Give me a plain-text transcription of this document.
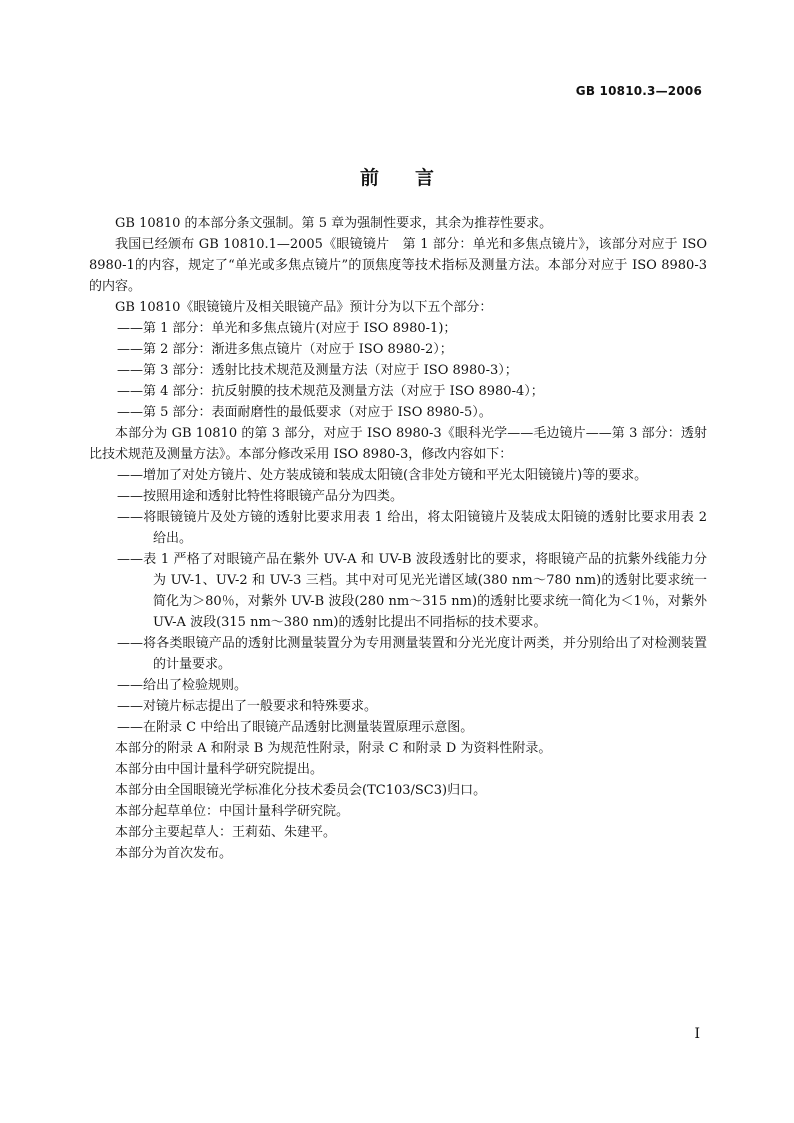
GB 10810.3—2006
前言

GB 10810 的本部分条文强制。第 5 章为强制性要求，其余为推荐性要求。

我国已经颁布 GB 10810.1—2005《眼镜镜片　第 1 部分：单光和多焦点镜片》，该部分对应于 ISO 8980-1的内容，规定了“单光或多焦点镜片”的顶焦度等技术指标及测量方法。本部分对应于 ISO 8980-3的内容。

GB 10810《眼镜镜片及相关眼镜产品》预计分为以下五个部分：

——第 1 部分：单光和多焦点镜片(对应于 ISO 8980-1)；

——第 2 部分：渐进多焦点镜片（对应于 ISO 8980-2）；

——第 3 部分：透射比技术规范及测量方法（对应于 ISO 8980-3）；

——第 4 部分：抗反射膜的技术规范及测量方法（对应于 ISO 8980-4）；

——第 5 部分：表面耐磨性的最低要求（对应于 ISO 8980-5）。

本部分为 GB 10810 的第 3 部分，对应于 ISO 8980-3《眼科光学——毛边镜片——第 3 部分：透射比技术规范及测量方法》。本部分修改采用 ISO 8980-3，修改内容如下：

——增加了对处方镜片、处方装成镜和装成太阳镜(含非处方镜和平光太阳镜镜片)等的要求。

——按照用途和透射比特性将眼镜产品分为四类。

——将眼镜镜片及处方镜的透射比要求用表 1 给出，将太阳镜镜片及装成太阳镜的透射比要求用表 2 给出。

——表 1 严格了对眼镜产品在紫外 UV-A 和 UV-B 波段透射比的要求，将眼镜产品的抗紫外线能力分为 UV-1、UV-2 和 UV-3 三档。其中对可见光光谱区域(380 nm～780 nm)的透射比要求统一简化为＞80％，对紫外 UV-B 波段(280 nm～315 nm)的透射比要求统一简化为＜1％，对紫外 UV-A 波段(315 nm～380 nm)的透射比提出不同指标的技术要求。

——将各类眼镜产品的透射比测量装置分为专用测量装置和分光光度计两类，并分别给出了对检测装置的计量要求。

——给出了检验规则。

——对镜片标志提出了一般要求和特殊要求。

——在附录 C 中给出了眼镜产品透射比测量装置原理示意图。

本部分的附录 A 和附录 B 为规范性附录，附录 C 和附录 D 为资料性附录。

本部分由中国计量科学研究院提出。

本部分由全国眼镜光学标准化分技术委员会(TC103/SC3)归口。

本部分起草单位：中国计量科学研究院。

本部分主要起草人：王莉茹、朱建平。

本部分为首次发布。

I
